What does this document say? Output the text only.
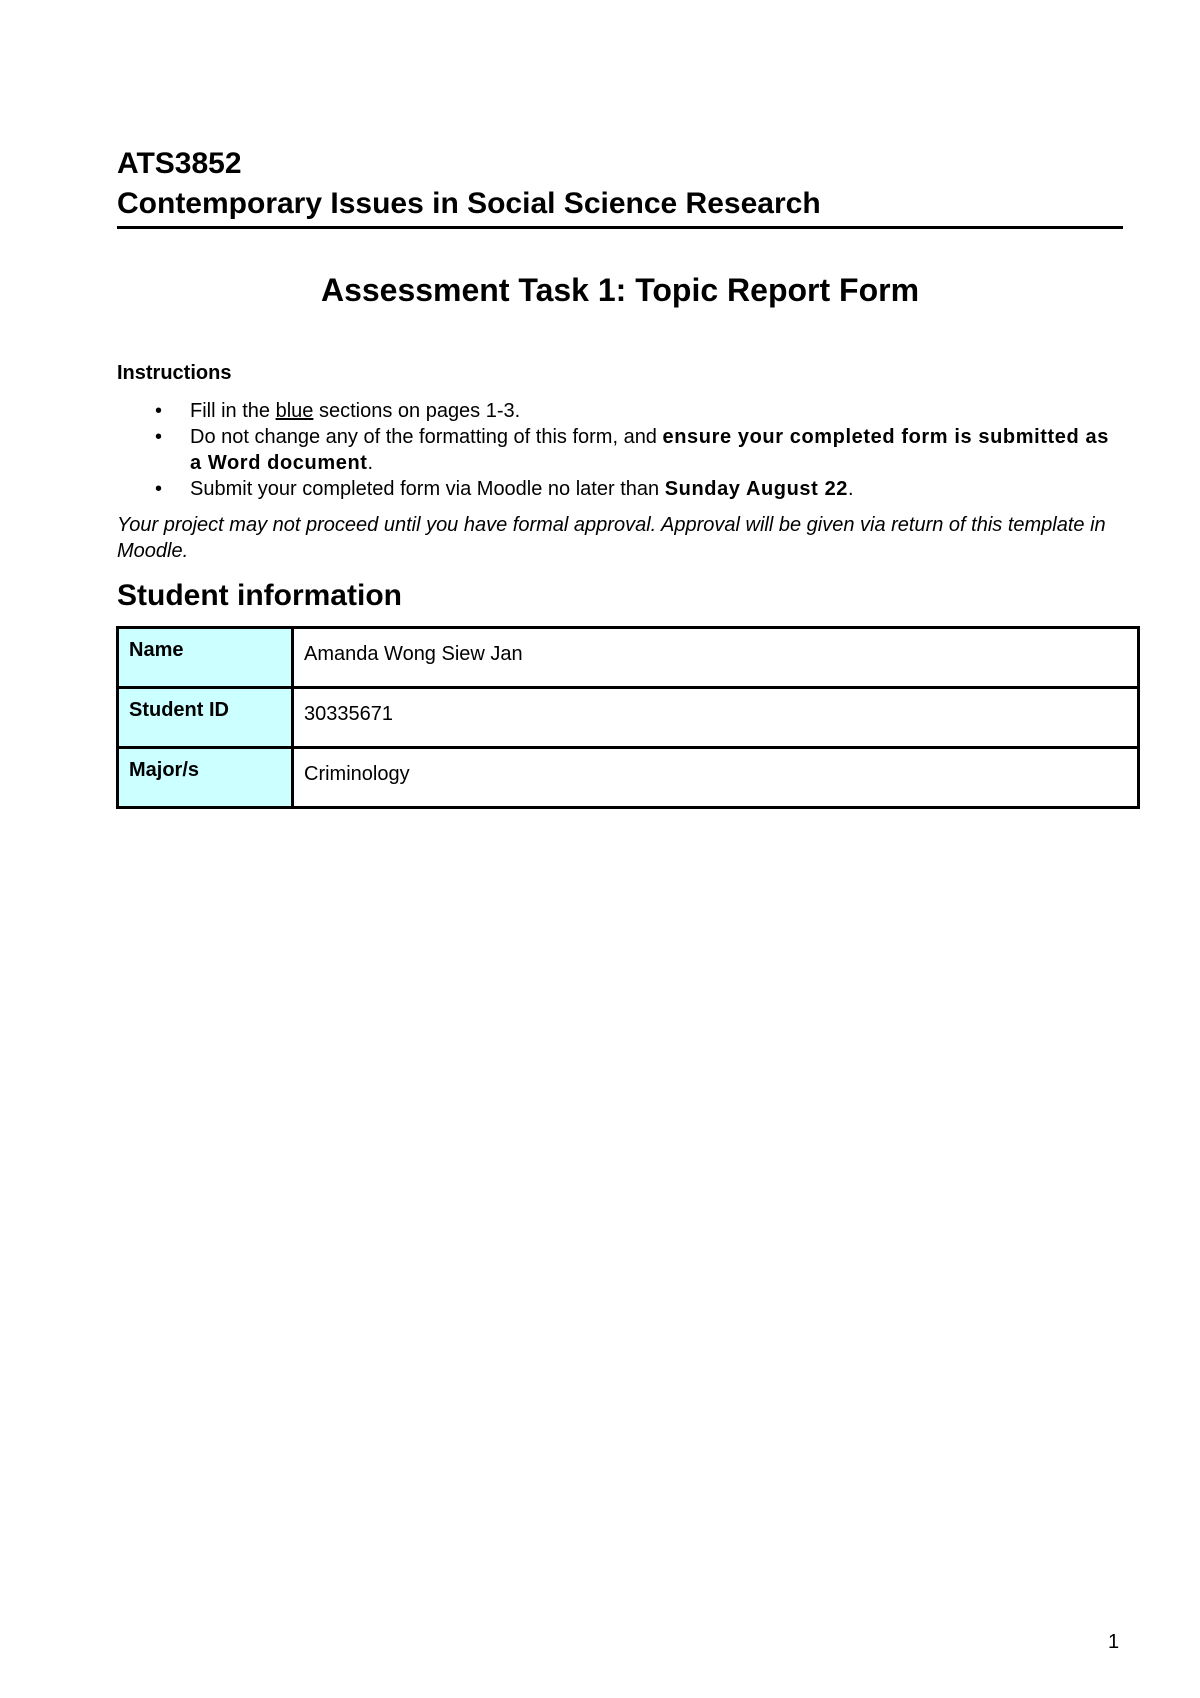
ATS3852
Contemporary Issues in Social Science Research
Assessment Task 1: Topic Report Form
Instructions
•	Fill in the blue sections on pages 1-3.
•	Do not change any of the formatting of this form, and ensure your completed form is submitted as a Word document.
•	Submit your completed form via Moodle no later than Sunday August 22.
Your project may not proceed until you have formal approval. Approval will be given via return of this template in Moodle.
Student information
Name	Amanda Wong Siew Jan
Student ID	30335671
Major/s	Criminology
1
